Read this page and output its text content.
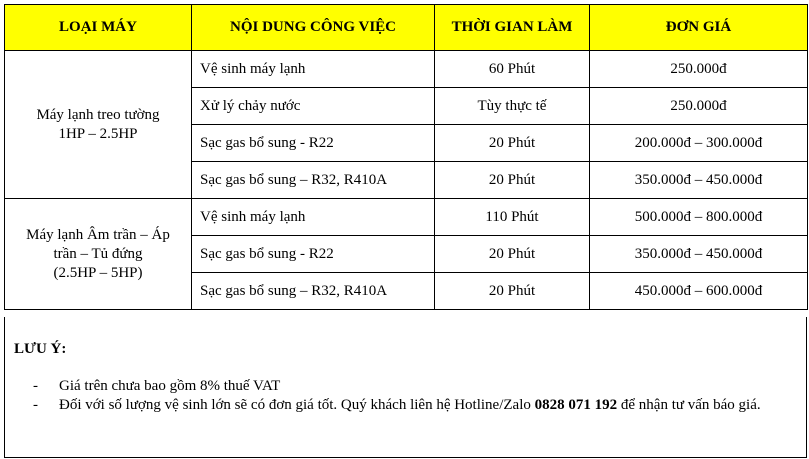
LOẠI MÁY	NỘI DUNG CÔNG VIỆC	THỜI GIAN LÀM	ĐƠN GIÁ
Máy lạnh treo tường
1HP – 2.5HP	Vệ sinh máy lạnh	60 Phút	250.000đ
	Xử lý chảy nước	Tùy thực tế	250.000đ
	Sạc gas bổ sung - R22	20 Phút	200.000đ – 300.000đ
	Sạc gas bổ sung – R32, R410A	20 Phút	350.000đ – 450.000đ
Máy lạnh Âm trần – Áp
trần – Tủ đứng
(2.5HP – 5HP)	Vệ sinh máy lạnh	110 Phút	500.000đ – 800.000đ
	Sạc gas bổ sung - R22	20 Phút	350.000đ – 450.000đ
	Sạc gas bổ sung – R32, R410A	20 Phút	450.000đ – 600.000đ
LƯU Ý:
- Giá trên chưa bao gồm 8% thuế VAT
- Đối với số lượng vệ sinh lớn sẽ có đơn giá tốt. Quý khách liên hệ Hotline/Zalo 0828 071 192 để nhận tư vấn báo giá.
